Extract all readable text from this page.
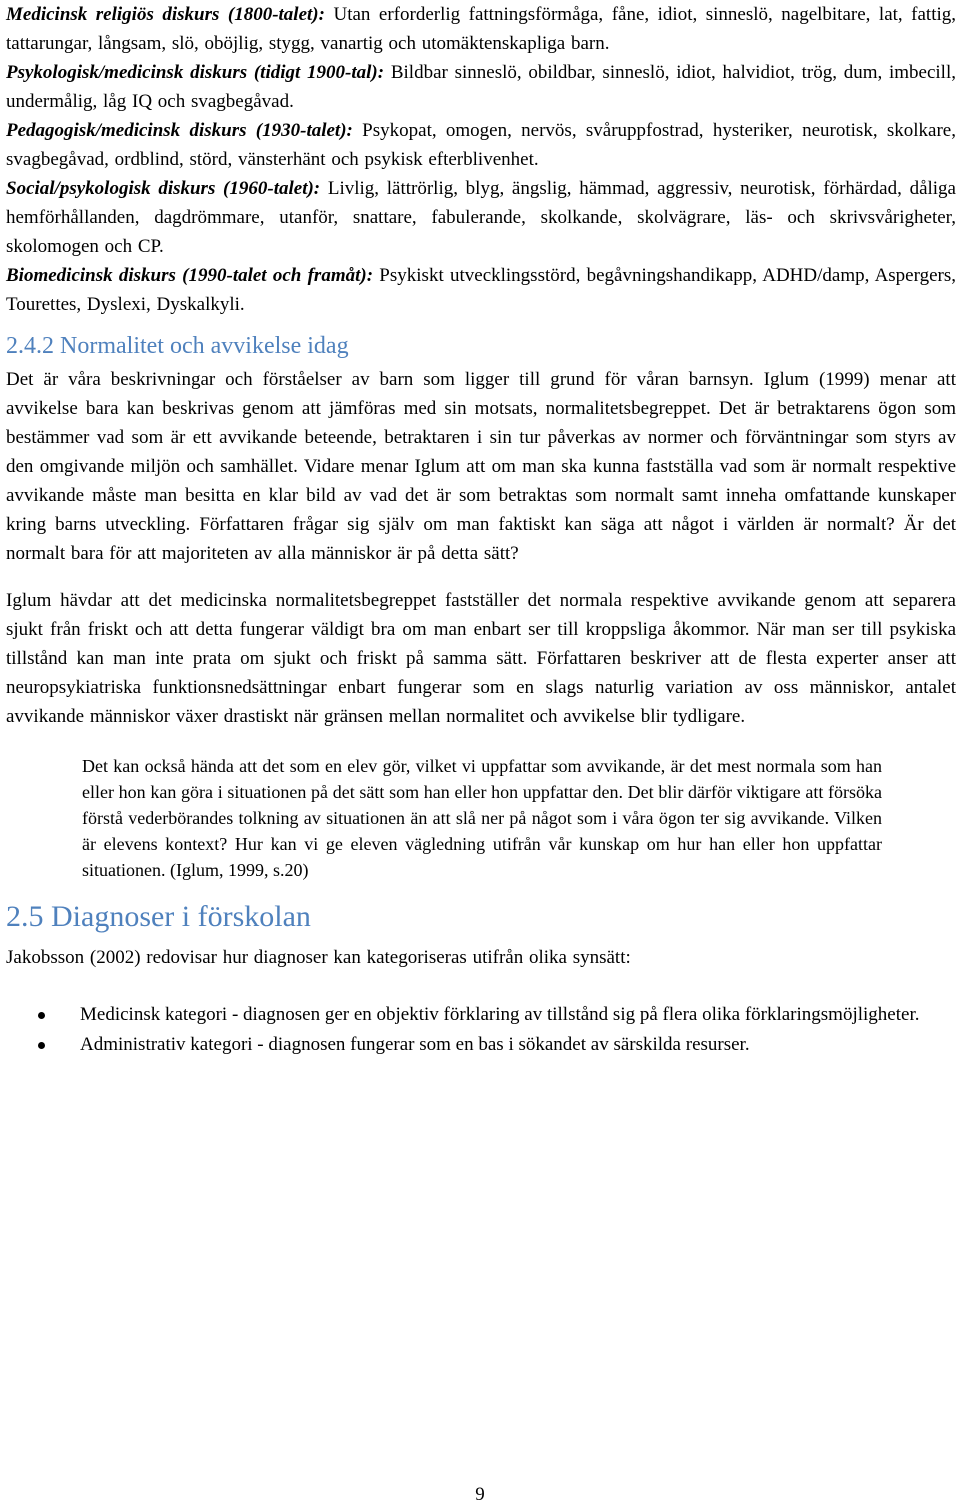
Medicinsk religiös diskurs (1800-talet): Utan erforderlig fattningsförmåga, fåne, idiot, sinneslö, nagelbitare, lat, fattig, tattarungar, långsam, slö, oböjlig, stygg, vanartig och utomäktenskapliga barn.

Psykologisk/medicinsk diskurs (tidigt 1900-tal): Bildbar sinneslö, obildbar, sinneslö, idiot, halvidiot, trög, dum, imbecill, undermålig, låg IQ och svagbegåvad.

Pedagogisk/medicinsk diskurs (1930-talet): Psykopat, omogen, nervös, svåruppfostrad, hysteriker, neurotisk, skolkare, svagbegåvad, ordblind, störd, vänsterhänt och psykisk efterblivenhet.

Social/psykologisk diskurs (1960-talet): Livlig, lättrörlig, blyg, ängslig, hämmad, aggressiv, neurotisk, förhärdad, dåliga hemförhållanden, dagdrömmare, utanför, snattare, fabulerande, skolkande, skolvägrare, läs- och skrivsvårigheter, skolomogen och CP.

Biomedicinsk diskurs (1990-talet och framåt): Psykiskt utvecklingsstörd, begåvningshandikapp, ADHD/damp, Aspergers, Tourettes, Dyslexi, Dyskalkyli.

2.4.2 Normalitet och avvikelse idag

Det är våra beskrivningar och förståelser av barn som ligger till grund för våran barnsyn. Iglum (1999) menar att avvikelse bara kan beskrivas genom att jämföras med sin motsats, normalitetsbegreppet. Det är betraktarens ögon som bestämmer vad som är ett avvikande beteende, betraktaren i sin tur påverkas av normer och förväntningar som styrs av den omgivande miljön och samhället. Vidare menar Iglum att om man ska kunna fastställa vad som är normalt respektive avvikande måste man besitta en klar bild av vad det är som betraktas som normalt samt inneha omfattande kunskaper kring barns utveckling. Författaren frågar sig själv om man faktiskt kan säga att något i världen är normalt? Är det normalt bara för att majoriteten av alla människor är på detta sätt?

Iglum hävdar att det medicinska normalitetsbegreppet fastställer det normala respektive avvikande genom att separera sjukt från friskt och att detta fungerar väldigt bra om man enbart ser till kroppsliga åkommor. När man ser till psykiska tillstånd kan man inte prata om sjukt och friskt på samma sätt. Författaren beskriver att de flesta experter anser att neuropsykiatriska funktionsnedsättningar enbart fungerar som en slags naturlig variation av oss människor, antalet avvikande människor växer drastiskt när gränsen mellan normalitet och avvikelse blir tydligare.

Det kan också hända att det som en elev gör, vilket vi uppfattar som avvikande, är det mest normala som han eller hon kan göra i situationen på det sätt som han eller hon uppfattar den. Det blir därför viktigare att försöka förstå vederbörandes tolkning av situationen än att slå ner på något som i våra ögon ter sig avvikande. Vilken är elevens kontext? Hur kan vi ge eleven vägledning utifrån vår kunskap om hur han eller hon uppfattar situationen. (Iglum, 1999, s.20)
2.5 Diagnoser i förskolan

Jakobsson (2002) redovisar hur diagnoser kan kategoriseras utifrån olika synsätt:

Medicinsk kategori - diagnosen ger en objektiv förklaring av tillstånd sig på flera olika förklaringsmöjligheter.
Administrativ kategori - diagnosen fungerar som en bas i sökandet av särskilda resurser.
9
